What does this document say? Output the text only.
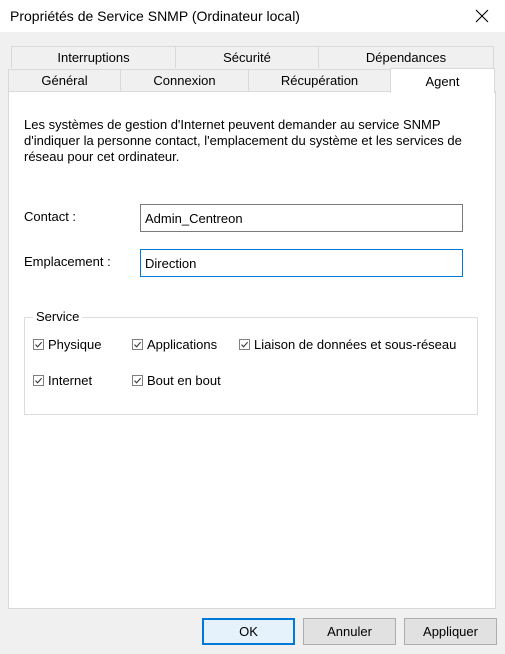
Propriétés de Service SNMP (Ordinateur local)
Interruptions	Sécurité	Dépendances
Général	Connexion	Récupération	Agent
Les systèmes de gestion d'Internet peuvent demander au service SNMP d'indiquer la personne contact, l'emplacement du système et les services de réseau pour cet ordinateur.
Contact :
Admin_Centreon
Emplacement :
Direction
Service
Physique	Applications	Liaison de données et sous-réseau
Internet	Bout en bout
OK	Annuler	Appliquer
